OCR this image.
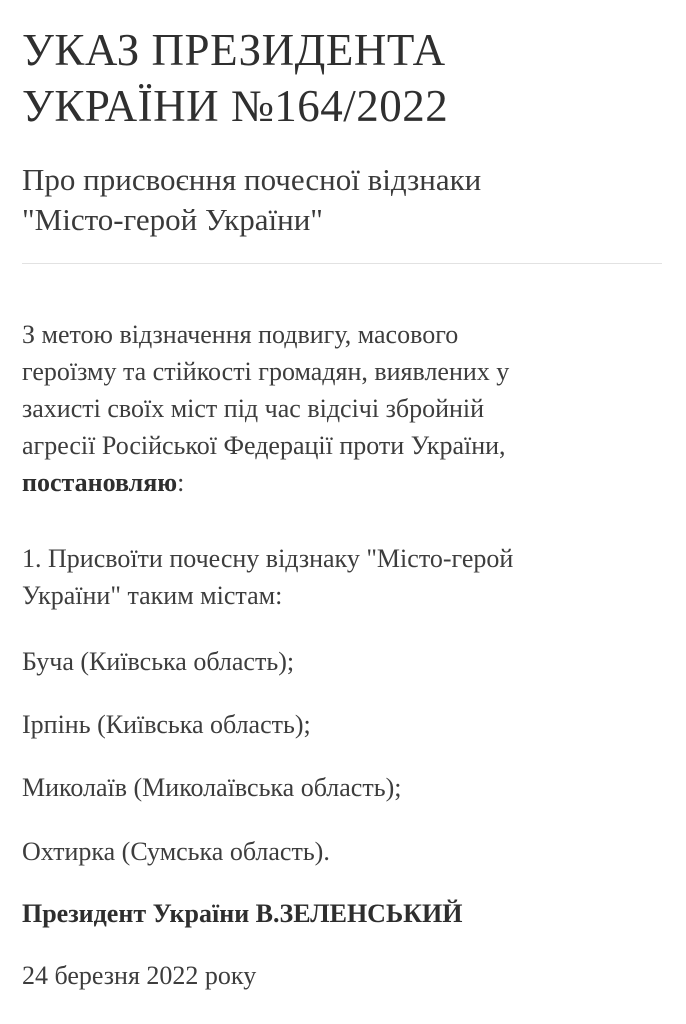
УКАЗ ПРЕЗИДЕНТА
УКРАЇНИ №164/2022
Про присвоєння почесної відзнаки
"Місто-герой України"

З метою відзначення подвигу, масового
героїзму та стійкості громадян, виявлених у
захисті своїх міст під час відсічі збройній
агресії Російської Федерації проти України,
постановляю:

1. Присвоїти почесну відзнаку "Місто-герой
України" таким містам:

Буча (Київська область);

Ірпінь (Київська область);

Миколаїв (Миколаївська область);

Охтирка (Сумська область).

Президент України В.ЗЕЛЕНСЬКИЙ

24 березня 2022 року
